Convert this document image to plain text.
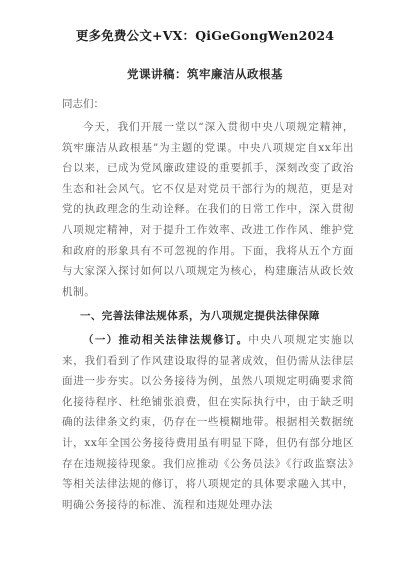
更多免费公文+VX：QiGeGongWen2024
党课讲稿：筑牢廉洁从政根基
同志们：

今天，我们开展一堂以“深入贯彻中央八项规定精神，筑牢廉洁从政根基”为主题的党课。中央八项规定自xx年出台以来，已成为党风廉政建设的重要抓手，深刻改变了政治生态和社会风气。它不仅是对党员干部行为的规范，更是对党的执政理念的生动诠释。在我们的日常工作中，深入贯彻八项规定精神，对于提升工作效率、改进工作作风、维护党和政府的形象具有不可忽视的作用。下面，我将从五个方面与大家深入探讨如何以八项规定为核心，构建廉洁从政长效机制。

一、完善法律法规体系，为八项规定提供法律保障

（一）推动相关法律法规修订。中央八项规定实施以来，我们看到了作风建设取得的显著成效，但仍需从法律层面进一步夯实。以公务接待为例，虽然八项规定明确要求简化接待程序、杜绝铺张浪费，但在实际执行中，由于缺乏明确的法律条文约束，仍存在一些模糊地带。根据相关数据统计，xx年全国公务接待费用虽有明显下降，但仍有部分地区存在违规接待现象。我们应推动《公务员法》《行政监察法》等相关法律法规的修订，将八项规定的具体要求融入其中，明确公务接待的标准、流程和违规处理办法
